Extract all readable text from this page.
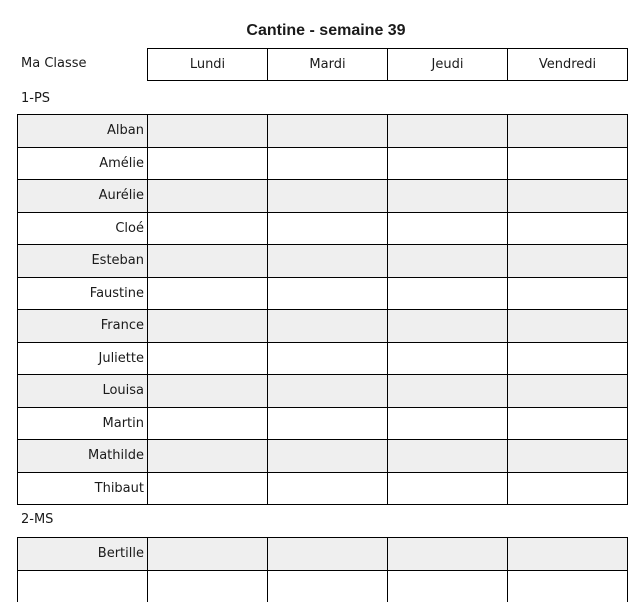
Cantine - semaine 39
Ma Classe	Lundi	Mardi	Jeudi	Vendredi
1-PS
Alban				
Amélie				
Aurélie				
Cloé				
Esteban				
Faustine				
France				
Juliette				
Louisa				
Martin				
Mathilde				
Thibaut				
2-MS
Bertille				
